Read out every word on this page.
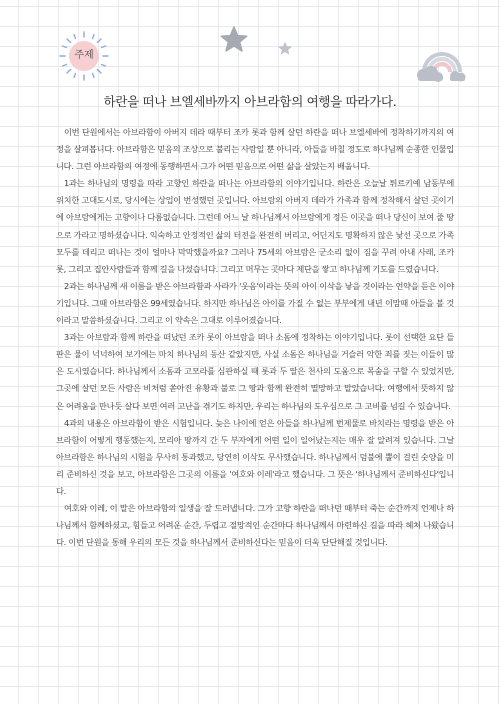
주제
하란을 떠나 브엘세바까지 아브라함의 여행을 따라가다.

이번 단원에서는 아브라함이 아버지 데라 때부터 조카 롯과 함께 살던 하란을 떠나 브엘세바에 정착하기까지의 여정을 살펴봅니다. 아브라함은 믿음의 조상으로 불리는 사람일 뿐 아니라, 아들을 바칠 정도로 하나님께 순종한 인물입니다. 그런 아브라함의 여정에 동행하면서 그가 어떤 믿음으로 어떤 삶을 살았는지 배웁니다.

1과는 하나님의 명령을 따라 고향인 하란을 떠나는 아브라함의 이야기입니다. 하란은 오늘날 튀르키예 남동부에 위치한 고대도시로, 당시에는 상업이 번성했던 곳입니다. 아브람의 아버지 데라가 가족과 함께 정착해서 살던 곳이기에 아브람에게는 고향이나 다름없습니다. 그런데 어느 날 하나님께서 아브람에게 정든 이곳을 떠나 당신이 보여 줄 땅으로 가라고 명하셨습니다. 익숙하고 안정적인 삶의 터전을 완전히 버리고, 어딘지도 명확하지 않은 낯선 곳으로 가족 모두를 데리고 떠나는 것이 얼마나 막막했을까요? 그러나 75세의 아브람은 군소리 없이 짐을 꾸려 아내 사래, 조카 롯, 그리고 집안사람들과 함께 길을 나섰습니다. 그리고 머무는 곳마다 제단을 쌓고 하나님께 기도를 드렸습니다.

2과는 하나님께 새 이름을 받은 아브라함과 사라가 '웃음'이라는 뜻의 아이 이삭을 낳을 것이라는 언약을 듣은 이야기입니다. 그때 아브라함은 99세였습니다. 하지만 하나님은 아이를 가질 수 없는 부부에게 내년 이맘때 아들을 볼 것이라고 말씀하셨습니다. 그리고 이 약속은 그대로 이루어졌습니다.

3과는 아브람과 함께 하란을 떠났던 조카 롯이 아브람을 떠나 소돔에 정착하는 이야기입니다. 롯이 선택한 요단 들판은 물이 넉넉하여 보기에는 마치 하나님의 동산 같았지만, 사실 소돔은 하나님을 거슬러 악한 죄를 짓는 이들이 많은 도시였습니다. 하나님께서 소돔과 고모라를 심판하실 때 롯과 두 딸은 천사의 도움으로 목숨을 구할 수 있었지만, 그곳에 살던 모든 사람은 비처럼 쏟아진 유황과 불로 그 땅과 함께 완전히 멸망하고 말았습니다. 여행에서 뜻하지 않은 어려움을 만나듯 살다 보면 여러 고난을 겪기도 하지만, 우리는 하나님의 도우심으로 그 고비를 넘길 수 있습니다.

4과의 내용은 아브라함이 받은 시험입니다. 늦은 나이에 얻은 아들을 하나님께 번제물로 바치라는 명령을 받은 아브라함이 어떻게 행동했는지, 모리아 땅까지 간 두 부자에게 어떤 일이 일어났는지는 매우 잘 알려져 있습니다. 그날 아브라함은 하나님의 시험을 무사히 통과했고, 당연히 이삭도 무사했습니다. 하나님께서 덤불에 뿔이 걸린 숫양을 미리 준비하신 것을 보고, 아브라함은 그곳의 이름을 '여호와 이레'라고 했습니다. 그 뜻은 '하나님께서 준비하신다'입니다.

여호와 이레, 이 말은 아브라함의 일생을 잘 드러냅니다. 그가 고향 하란을 떠나던 때부터 죽는 순간까지 언제나 하나님께서 함께하셨고, 힘들고 어려운 순간, 두렵고 절망적인 순간마다 하나님께서 마련하신 길을 따라 헤쳐 나왔습니다. 이번 단원을 통해 우리의 모든 것을 하나님께서 준비하신다는 믿음이 더욱 단단해질 것입니다.
